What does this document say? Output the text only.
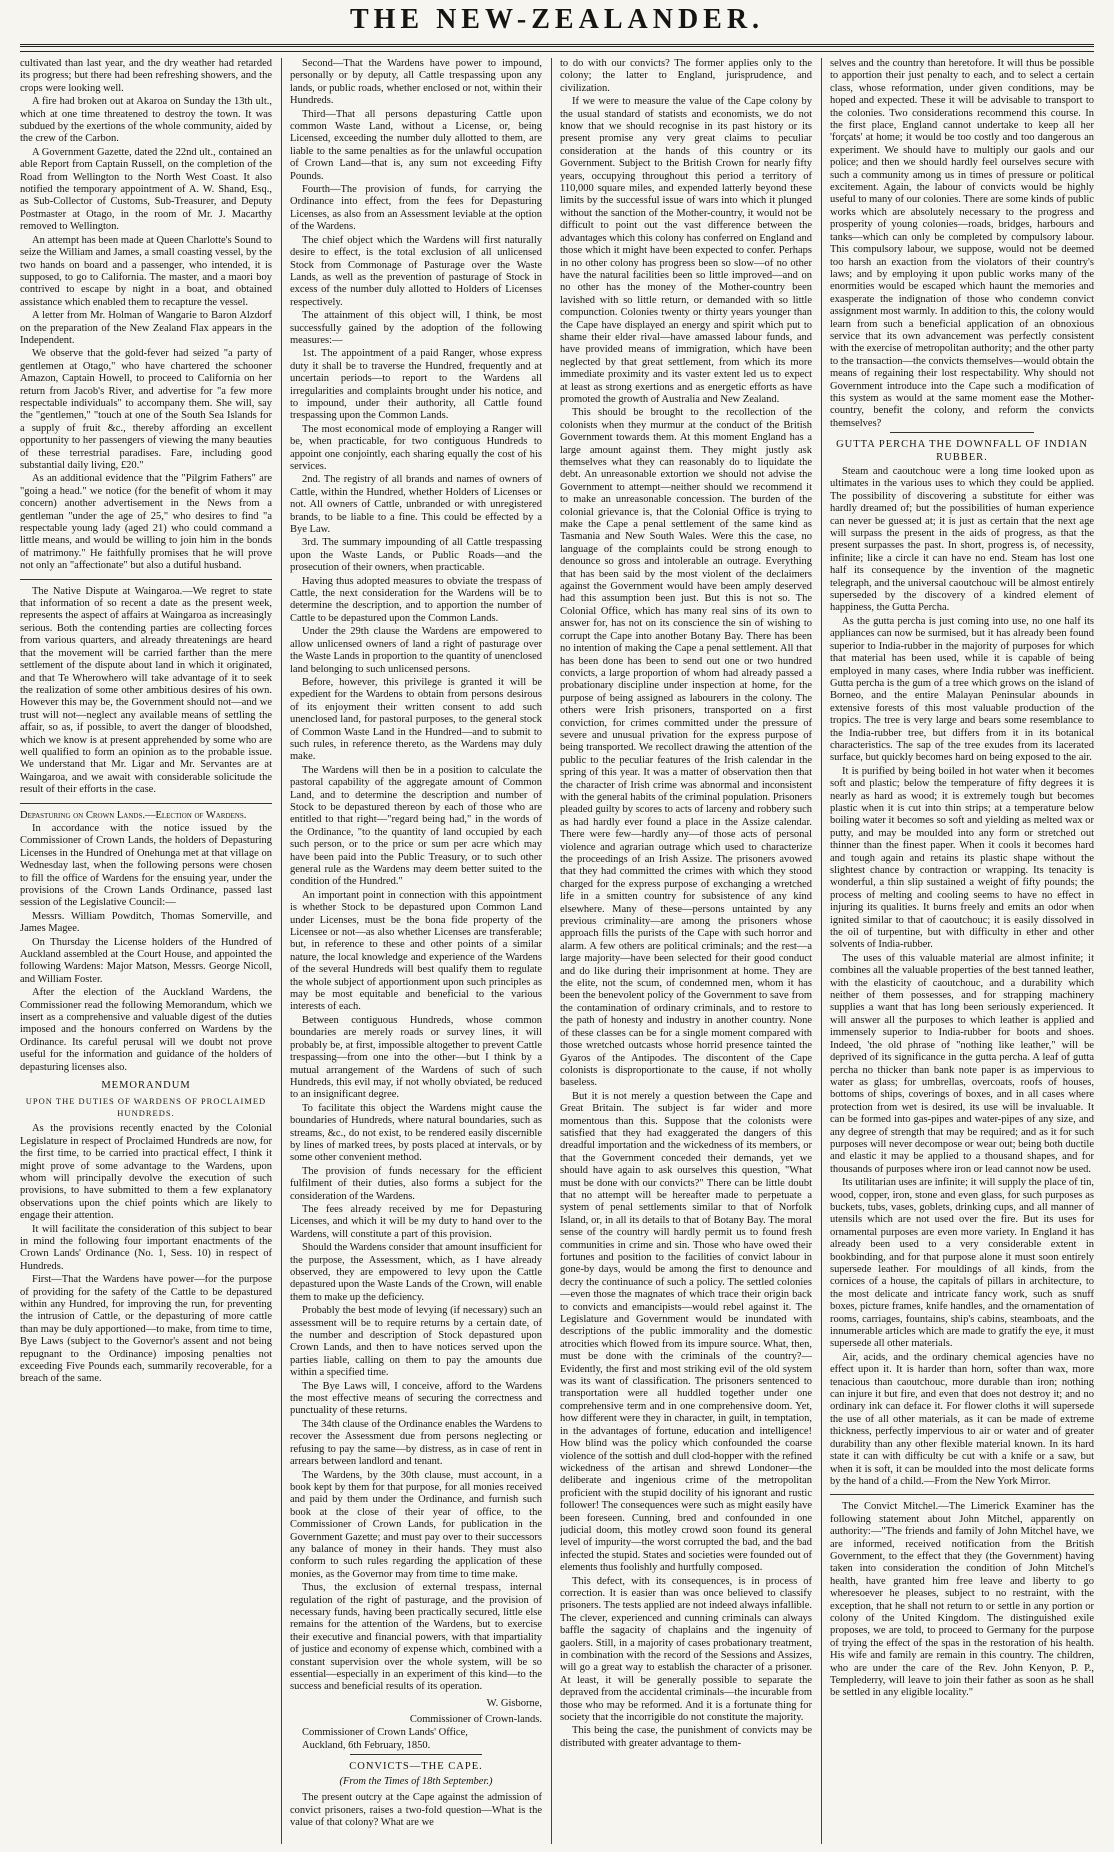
THE NEW-ZEALANDER.

cultivated than last year, and the dry weather had retarded its progress; but there had been refreshing showers, and the crops were looking well.

A fire had broken out at Akaroa on Sunday the 13th ult., which at one time threatened to destroy the town. It was subdued by the exertions of the whole community, aided by the crew of the Carbon.

A Government Gazette, dated the 22nd ult., contained an able Report from Captain Russell, on the completion of the Road from Wellington to the North West Coast. It also notified the temporary appointment of A. W. Shand, Esq., as Sub-Collector of Customs, Sub-Treasurer, and Deputy Postmaster at Otago, in the room of Mr. J. Macarthy removed to Wellington.

An attempt has been made at Queen Charlotte's Sound to seize the William and James, a small coasting vessel, by the two hands on board and a passenger, who intended, it is supposed, to go to California. The master, and a maori boy contrived to escape by night in a boat, and obtained assistance which enabled them to recapture the vessel.

A letter from Mr. Holman of Wangarie to Baron Alzdorf on the preparation of the New Zealand Flax appears in the Independent.

We observe that the gold-fever had seized "a party of gentlemen at Otago," who have chartered the schooner Amazon, Captain Howell, to proceed to California on her return from Jacob's River, and advertise for "a few more respectable individuals" to accompany them. She will, say the "gentlemen," "touch at one of the South Sea Islands for a supply of fruit &c., thereby affording an excellent opportunity to her passengers of viewing the many beauties of these terrestrial paradises. Fare, including good substantial daily living, £20."

As an additional evidence that the "Pilgrim Fathers" are "going a head." we notice (for the benefit of whom it may concern) another advertisement in the News from a gentleman "under the age of 25," who desires to find "a respectable young lady (aged 21) who could command a little means, and would be willing to join him in the bonds of matrimony." He faithfully promises that he will prove not only an "affectionate" but also a dutiful husband.

The Native Dispute at Waingaroa.—We regret to state that information of so recent a date as the present week, represents the aspect of affairs at Waingaroa as increasingly serious. Both the contending parties are collecting forces from various quarters, and already threatenings are heard that the movement will be carried farther than the mere settlement of the dispute about land in which it originated, and that Te Wherowhero will take advantage of it to seek the realization of some other ambitious desires of his own. However this may be, the Government should not—and we trust will not—neglect any available means of settling the affair, so as, if possible, to avert the danger of bloodshed, which we know is at present apprehended by some who are well qualified to form an opinion as to the probable issue. We understand that Mr. Ligar and Mr. Servantes are at Waingaroa, and we await with considerable solicitude the result of their efforts in the case.

Depasturing on Crown Lands.—Election of Wardens.

In accordance with the notice issued by the Commissioner of Crown Lands, the holders of Depasturing Licenses in the Hundred of Onehunga met at that village on Wednesday last, when the following persons were chosen to fill the office of Wardens for the ensuing year, under the provisions of the Crown Lands Ordinance, passed last session of the Legislative Council:—

Messrs. William Powditch, Thomas Somerville, and James Magee.

On Thursday the License holders of the Hundred of Auckland assembled at the Court House, and appointed the following Wardens: Major Matson, Messrs. George Nicoll, and William Foster.

After the election of the Auckland Wardens, the Commissioner read the following Memorandum, which we insert as a comprehensive and valuable digest of the duties imposed and the honours conferred on Wardens by the Ordinance. Its careful perusal will we doubt not prove useful for the information and guidance of the holders of depasturing licenses also.

MEMORANDUM
UPON THE DUTIES OF WARDENS OF PROCLAIMED HUNDREDS.

As the provisions recently enacted by the Colonial Legislature in respect of Proclaimed Hundreds are now, for the first time, to be carried into practical effect, I think it might prove of some advantage to the Wardens, upon whom will principally devolve the execution of such provisions, to have submitted to them a few explanatory observations upon the chief points which are likely to engage their attention.

It will facilitate the consideration of this subject to bear in mind the following four important enactments of the Crown Lands' Ordinance (No. 1, Sess. 10) in respect of Hundreds.

First—That the Wardens have power—for the purpose of providing for the safety of the Cattle to be depastured within any Hundred, for improving the run, for preventing the intrusion of Cattle, or the depasturing of more cattle than may be duly apportioned—to make, from time to time, Bye Laws (subject to the Governor's assent and not being repugnant to the Ordinance) imposing penalties not exceeding Five Pounds each, summarily recoverable, for a breach of the same.

Second—That the Wardens have power to impound, personally or by deputy, all Cattle trespassing upon any lands, or public roads, whether enclosed or not, within their Hundreds.

Third—That all persons depasturing Cattle upon common Waste Land, without a License, or, being Licensed, exceeding the number duly allotted to them, are liable to the same penalties as for the unlawful occupation of Crown Land—that is, any sum not exceeding Fifty Pounds.

Fourth—The provision of funds, for carrying the Ordinance into effect, from the fees for Depasturing Licenses, as also from an Assessment leviable at the option of the Wardens.

The chief object which the Wardens will first naturally desire to effect, is the total exclusion of all unlicensed Stock from Commonage of Pasturage over the Waste Lands, as well as the prevention of pasturage of Stock in excess of the number duly allotted to Holders of Licenses respectively.

The attainment of this object will, I think, be most successfully gained by the adoption of the following measures:—

1st. The appointment of a paid Ranger, whose express duty it shall be to traverse the Hundred, frequently and at uncertain periods—to report to the Wardens all irregularities and complaints brought under his notice, and to impound, under their authority, all Cattle found trespassing upon the Common Lands.

The most economical mode of employing a Ranger will be, when practicable, for two contiguous Hundreds to appoint one conjointly, each sharing equally the cost of his services.

2nd. The registry of all brands and names of owners of Cattle, within the Hundred, whether Holders of Licenses or not. All owners of Cattle, unbranded or with unregistered brands, to be liable to a fine. This could be effected by a Bye Law.

3rd. The summary impounding of all Cattle trespassing upon the Waste Lands, or Public Roads—and the prosecution of their owners, when practicable.

Having thus adopted measures to obviate the trespass of Cattle, the next consideration for the Wardens will be to determine the description, and to apportion the number of Cattle to be depastured upon the Common Lands.

Under the 29th clause the Wardens are empowered to allow unlicensed owners of land a right of pasturage over the Waste Lands in proportion to the quantity of unenclosed land belonging to such unlicensed persons.

Before, however, this privilege is granted it will be expedient for the Wardens to obtain from persons desirous of its enjoyment their written consent to add such unenclosed land, for pastoral purposes, to the general stock of Common Waste Land in the Hundred—and to submit to such rules, in reference thereto, as the Wardens may duly make.

The Wardens will then be in a position to calculate the pastoral capability of the aggregate amount of Common Land, and to determine the description and number of Stock to be depastured thereon by each of those who are entitled to that right—"regard being had," in the words of the Ordinance, "to the quantity of land occupied by each such person, or to the price or sum per acre which may have been paid into the Public Treasury, or to such other general rule as the Wardens may deem better suited to the condition of the Hundred."

An important point in connection with this appointment is whether Stock to be depastured upon Common Land under Licenses, must be the bona fide property of the Licensee or not—as also whether Licenses are transferable; but, in reference to these and other points of a similar nature, the local knowledge and experience of the Wardens of the several Hundreds will best qualify them to regulate the whole subject of apportionment upon such principles as may be most equitable and beneficial to the various interests of each.

Between contiguous Hundreds, whose common boundaries are merely roads or survey lines, it will probably be, at first, impossible altogether to prevent Cattle trespassing—from one into the other—but I think by a mutual arrangement of the Wardens of such of such Hundreds, this evil may, if not wholly obviated, be reduced to an insignificant degree.

To facilitate this object the Wardens might cause the boundaries of Hundreds, where natural boundaries, such as streams, &c., do not exist, to be rendered easily discernible by lines of marked trees, by posts placed at intervals, or by some other convenient method.

The provision of funds necessary for the efficient fulfilment of their duties, also forms a subject for the consideration of the Wardens.

The fees already received by me for Depasturing Licenses, and which it will be my duty to hand over to the Wardens, will constitute a part of this provision.

Should the Wardens consider that amount insufficient for the purpose, the Assessment, which, as I have already observed, they are empowered to levy upon the Cattle depastured upon the Waste Lands of the Crown, will enable them to make up the deficiency.

Probably the best mode of levying (if necessary) such an assessment will be to require returns by a certain date, of the number and description of Stock depastured upon Crown Lands, and then to have notices served upon the parties liable, calling on them to pay the amounts due within a specified time.

The Bye Laws will, I conceive, afford to the Wardens the most effective means of securing the correctness and punctuality of these returns.

The 34th clause of the Ordinance enables the Wardens to recover the Assessment due from persons neglecting or refusing to pay the same—by distress, as in case of rent in arrears between landlord and tenant.

The Wardens, by the 30th clause, must account, in a book kept by them for that purpose, for all monies received and paid by them under the Ordinance, and furnish such book at the close of their year of office, to the Commissioner of Crown Lands, for publication in the Government Gazette; and must pay over to their successors any balance of money in their hands. They must also conform to such rules regarding the application of these monies, as the Governor may from time to time make.

Thus, the exclusion of external trespass, internal regulation of the right of pasturage, and the provision of necessary funds, having been practically secured, little else remains for the attention of the Wardens, but to exercise their executive and financial powers, with that impartiality of justice and economy of expense which, combined with a constant supervision over the whole system, will be so essential—especially in an experiment of this kind—to the success and beneficial results of its operation.

W. Gisborne,
Commissioner of Crown-lands.

Commissioner of Crown Lands' Office,

Auckland, 6th February, 1850.

CONVICTS—THE CAPE.
(From the Times of 18th September.)

The present outcry at the Cape against the admission of convict prisoners, raises a two-fold question—What is the value of that colony? What are we

to do with our convicts? The former applies only to the colony; the latter to England, jurisprudence, and civilization.

If we were to measure the value of the Cape colony by the usual standard of statists and economists, we do not know that we should recognise in its past history or its present promise any very great claims to peculiar consideration at the hands of this country or its Government. Subject to the British Crown for nearly fifty years, occupying throughout this period a territory of 110,000 square miles, and expended latterly beyond these limits by the successful issue of wars into which it plunged without the sanction of the Mother-country, it would not be difficult to point out the vast difference between the advantages which this colony has conferred on England and those which it might have been expected to confer. Perhaps in no other colony has progress been so slow—of no other have the natural facilities been so little improved—and on no other has the money of the Mother-country been lavished with so little return, or demanded with so little compunction. Colonies twenty or thirty years younger than the Cape have displayed an energy and spirit which put to shame their elder rival—have amassed labour funds, and have provided means of immigration, which have been neglected by that great settlement, from which its more immediate proximity and its vaster extent led us to expect at least as strong exertions and as energetic efforts as have promoted the growth of Australia and New Zealand.

This should be brought to the recollection of the colonists when they murmur at the conduct of the British Government towards them. At this moment England has a large amount against them. They might justly ask themselves what they can reasonably do to liquidate the debt. An unreasonable extortion we should not advise the Government to attempt—neither should we recommend it to make an unreasonable concession. The burden of the colonial grievance is, that the Colonial Office is trying to make the Cape a penal settlement of the same kind as Tasmania and New South Wales. Were this the case, no language of the complaints could be strong enough to denounce so gross and intolerable an outrage. Everything that has been said by the most violent of the declaimers against the Government would have been amply deserved had this assumption been just. But this is not so. The Colonial Office, which has many real sins of its own to answer for, has not on its conscience the sin of wishing to corrupt the Cape into another Botany Bay. There has been no intention of making the Cape a penal settlement. All that has been done has been to send out one or two hundred convicts, a large proportion of whom had already passed a probationary discipline under inspection at home, for the purpose of being assigned as labourers in the colony. The others were Irish prisoners, transported on a first conviction, for crimes committed under the pressure of severe and unusual privation for the express purpose of being transported. We recollect drawing the attention of the public to the peculiar features of the Irish calendar in the spring of this year. It was a matter of observation then that the character of Irish crime was abnormal and inconsistent with the general habits of the criminal population. Prisoners pleaded guilty by scores to acts of larceny and robbery such as had hardly ever found a place in the Assize calendar. There were few—hardly any—of those acts of personal violence and agrarian outrage which used to characterize the proceedings of an Irish Assize. The prisoners avowed that they had committed the crimes with which they stood charged for the express purpose of exchanging a wretched life in a smitten country for subsistence of any kind elsewhere. Many of these—persons untainted by any previous criminality—are among the prisoners whose approach fills the purists of the Cape with such horror and alarm. A few others are political criminals; and the rest—a large majority—have been selected for their good conduct and do like during their imprisonment at home. They are the elite, not the scum, of condemned men, whom it has been the benevolent policy of the Government to save from the contamination of ordinary criminals, and to restore to the path of honesty and industry in another country. None of these classes can be for a single moment compared with those wretched outcasts whose horrid presence tainted the Gyaros of the Antipodes. The discontent of the Cape colonists is disproportionate to the cause, if not wholly baseless.

But it is not merely a question between the Cape and Great Britain. The subject is far wider and more momentous than this. Suppose that the colonists were satisfied that they had exaggerated the dangers of this dreadful importation and the wickedness of its members, or that the Government conceded their demands, yet we should have again to ask ourselves this question, "What must be done with our convicts?" There can be little doubt that no attempt will be hereafter made to perpetuate a system of penal settlements similar to that of Norfolk Island, or, in all its details to that of Botany Bay. The moral sense of the country will hardly permit us to found fresh communities in crime and sin. Those who have owed their fortunes and position to the facilities of convict labour in gone-by days, would be among the first to denounce and decry the continuance of such a policy. The settled colonies—even those the magnates of which trace their origin back to convicts and emancipists—would rebel against it. The Legislature and Government would be inundated with descriptions of the public immorality and the domestic atrocities which flowed from its impure source. What, then, must be done with the criminals of the country?—Evidently, the first and most striking evil of the old system was its want of classification. The prisoners sentenced to transportation were all huddled together under one comprehensive term and in one comprehensive doom. Yet, how different were they in character, in guilt, in temptation, in the advantages of fortune, education and intelligence! How blind was the policy which confounded the coarse violence of the sottish and dull clod-hopper with the refined wickedness of the artisan and shrewd Londoner—the deliberate and ingenious crime of the metropolitan proficient with the stupid docility of his ignorant and rustic follower! The consequences were such as might easily have been foreseen. Cunning, bred and confounded in one judicial doom, this motley crowd soon found its general level of impurity—the worst corrupted the bad, and the bad infected the stupid. States and societies were founded out of elements thus foolishly and hurtfully composed.

This defect, with its consequences, is in process of correction. It is easier than was once believed to classify prisoners. The tests applied are not indeed always infallible. The clever, experienced and cunning criminals can always baffle the sagacity of chaplains and the ingenuity of gaolers. Still, in a majority of cases probationary treatment, in combination with the record of the Sessions and Assizes, will go a great way to establish the character of a prisoner. At least, it will be generally possible to separate the depraved from the accidental criminals—the incurable from those who may be reformed. And it is a fortunate thing for society that the incorrigible do not constitute the majority.

This being the case, the punishment of convicts may be distributed with greater advantage to them-

selves and the country than heretofore. It will thus be possible to apportion their just penalty to each, and to select a certain class, whose reformation, under given conditions, may be hoped and expected. These it will be advisable to transport to the colonies. Two considerations recommend this course. In the first place, England cannot undertake to keep all her 'forçats' at home; it would be too costly and too dangerous an experiment. We should have to multiply our gaols and our police; and then we should hardly feel ourselves secure with such a community among us in times of pressure or political excitement. Again, the labour of convicts would be highly useful to many of our colonies. There are some kinds of public works which are absolutely necessary to the progress and prosperity of young colonies—roads, bridges, harbours and tanks—which can only be completed by compulsory labour. This compulsory labour, we suppose, would not be deemed too harsh an exaction from the violators of their country's laws; and by employing it upon public works many of the enormities would be escaped which haunt the memories and exasperate the indignation of those who condemn convict assignment most warmly. In addition to this, the colony would learn from such a beneficial application of an obnoxious service that its own advancement was perfectly consistent with the exercise of metropolitan authority; and the other party to the transaction—the convicts themselves—would obtain the means of regaining their lost respectability. Why should not Government introduce into the Cape such a modification of this system as would at the same moment ease the Mother-country, benefit the colony, and reform the convicts themselves?

GUTTA PERCHA THE DOWNFALL OF INDIAN RUBBER.

Steam and caoutchouc were a long time looked upon as ultimates in the various uses to which they could be applied. The possibility of discovering a substitute for either was hardly dreamed of; but the possibilities of human experience can never be guessed at; it is just as certain that the next age will surpass the present in the aids of progress, as that the present surpasses the past. In short, progress is, of necessity, infinite; like a circle it can have no end. Steam has lost one half its consequence by the invention of the magnetic telegraph, and the universal caoutchouc will be almost entirely superseded by the discovery of a kindred element of happiness, the Gutta Percha.

As the gutta percha is just coming into use, no one half its appliances can now be surmised, but it has already been found superior to India-rubber in the majority of purposes for which that material has been used, while it is capable of being employed in many cases, where India rubber was inefficient. Gutta percha is the gum of a tree which grows on the island of Borneo, and the entire Malayan Peninsular abounds in extensive forests of this most valuable production of the tropics. The tree is very large and bears some resemblance to the India-rubber tree, but differs from it in its botanical characteristics. The sap of the tree exudes from its lacerated surface, but quickly becomes hard on being exposed to the air.

It is purified by being boiled in hot water when it becomes soft and plastic; below the temperature of fifty degrees it is nearly as hard as wood; it is extremely tough but becomes plastic when it is cut into thin strips; at a temperature below boiling water it becomes so soft and yielding as melted wax or putty, and may be moulded into any form or stretched out thinner than the finest paper. When it cools it becomes hard and tough again and retains its plastic shape without the slightest chance by contraction or wrapping. Its tenacity is wonderful, a thin slip sustained a weight of fifty pounds; the process of melting and cooling seems to have no effect in injuring its qualities. It burns freely and emits an odor when ignited similar to that of caoutchouc; it is easily dissolved in the oil of turpentine, but with difficulty in ether and other solvents of India-rubber.

The uses of this valuable material are almost infinite; it combines all the valuable properties of the best tanned leather, with the elasticity of caoutchouc, and a durability which neither of them possesses, and for strapping machinery supplies a want that has long been seriously experienced. It will answer all the purposes to which leather is applied and immensely superior to India-rubber for boots and shoes. Indeed, 'the old phrase of "nothing like leather," will be deprived of its significance in the gutta percha. A leaf of gutta percha no thicker than bank note paper is as impervious to water as glass; for umbrellas, overcoats, roofs of houses, bottoms of ships, coverings of boxes, and in all cases where protection from wet is desired, its use will be invaluable. It can be formed into gas-pipes and water-pipes of any size, and any degree of strength that may be required; and as it for such purposes will never decompose or wear out; being both ductile and elastic it may be applied to a thousand shapes, and for thousands of purposes where iron or lead cannot now be used.

Its utilitarian uses are infinite; it will supply the place of tin, wood, copper, iron, stone and even glass, for such purposes as buckets, tubs, vases, goblets, drinking cups, and all manner of utensils which are not used over the fire. But its uses for ornamental purposes are even more variety. In England it has already been used to a very considerable extent in bookbinding, and for that purpose alone it must soon entirely supersede leather. For mouldings of all kinds, from the cornices of a house, the capitals of pillars in architecture, to the most delicate and intricate fancy work, such as snuff boxes, picture frames, knife handles, and the ornamentation of rooms, carriages, fountains, ship's cabins, steamboats, and the innumerable articles which are made to gratify the eye, it must supersede all other materials.

Air, acids, and the ordinary chemical agencies have no effect upon it. It is harder than horn, softer than wax, more tenacious than caoutchouc, more durable than iron; nothing can injure it but fire, and even that does not destroy it; and no ordinary ink can deface it. For flower cloths it will supersede the use of all other materials, as it can be made of extreme thickness, perfectly impervious to air or water and of greater durability than any other flexible material known. In its hard state it can with difficulty be cut with a knife or a saw, but when it is soft, it can be moulded into the most delicate forms by the hand of a child.—From the New York Mirror.

The Convict Mitchel.—The Limerick Examiner has the following statement about John Mitchel, apparently on authority:—"The friends and family of John Mitchel have, we are informed, received notification from the British Government, to the effect that they (the Government) having taken into consideration the condition of John Mitchel's health, have granted him free leave and liberty to go wheresoever he pleases, subject to no restraint, with the exception, that he shall not return to or settle in any portion or colony of the United Kingdom. The distinguished exile proposes, we are told, to proceed to Germany for the purpose of trying the effect of the spas in the restoration of his health. His wife and family are remain in this country. The children, who are under the care of the Rev. John Kenyon, P. P., Templederry, will leave to join their father as soon as he shall be settled in any eligible locality."
